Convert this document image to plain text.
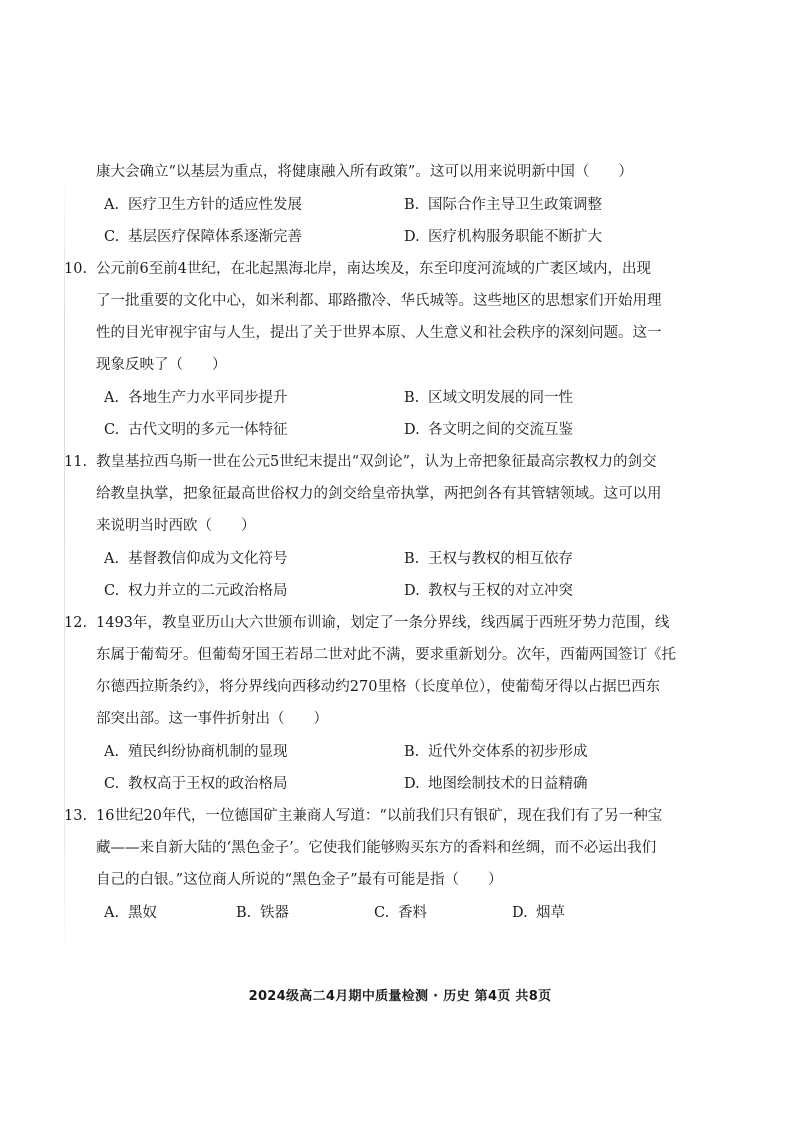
康大会确立“以基层为重点，将健康融入所有政策”。这可以用来说明新中国（　　）
A. 医疗卫生方针的适应性发展	B. 国际合作主导卫生政策调整
C. 基层医疗保障体系逐渐完善	D. 医疗机构服务职能不断扩大
10. 公元前6至前4世纪，在北起黑海北岸，南达埃及，东至印度河流域的广袤区域内，出现
了一批重要的文化中心，如米利都、耶路撒冷、华氏城等。这些地区的思想家们开始用理
性的目光审视宇宙与人生，提出了关于世界本原、人生意义和社会秩序的深刻问题。这一
现象反映了（　　）
A. 各地生产力水平同步提升	B. 区域文明发展的同一性
C. 古代文明的多元一体特征	D. 各文明之间的交流互鉴
11. 教皇基拉西乌斯一世在公元5世纪末提出“双剑论”，认为上帝把象征最高宗教权力的剑交
给教皇执掌，把象征最高世俗权力的剑交给皇帝执掌，两把剑各有其管辖领域。这可以用
来说明当时西欧（　　）
A. 基督教信仰成为文化符号	B. 王权与教权的相互依存
C. 权力并立的二元政治格局	D. 教权与王权的对立冲突
12. 1493年，教皇亚历山大六世颁布训谕，划定了一条分界线，线西属于西班牙势力范围，线
东属于葡萄牙。但葡萄牙国王若昂二世对此不满，要求重新划分。次年，西葡两国签订《托
尔德西拉斯条约》，将分界线向西移动约270里格（长度单位），使葡萄牙得以占据巴西东
部突出部。这一事件折射出（　　）
A. 殖民纠纷协商机制的显现	B. 近代外交体系的初步形成
C. 教权高于王权的政治格局	D. 地图绘制技术的日益精确
13. 16世纪20年代，一位德国矿主兼商人写道：“以前我们只有银矿，现在我们有了另一种宝
藏——来自新大陆的‘黑色金子’。它使我们能够购买东方的香料和丝绸，而不必运出我们
自己的白银。”这位商人所说的“黑色金子”最有可能是指（　　）
A. 黑奴	B. 铁器	C. 香料	D. 烟草
2024级高二4月期中质量检测 · 历史 第4页 共8页
